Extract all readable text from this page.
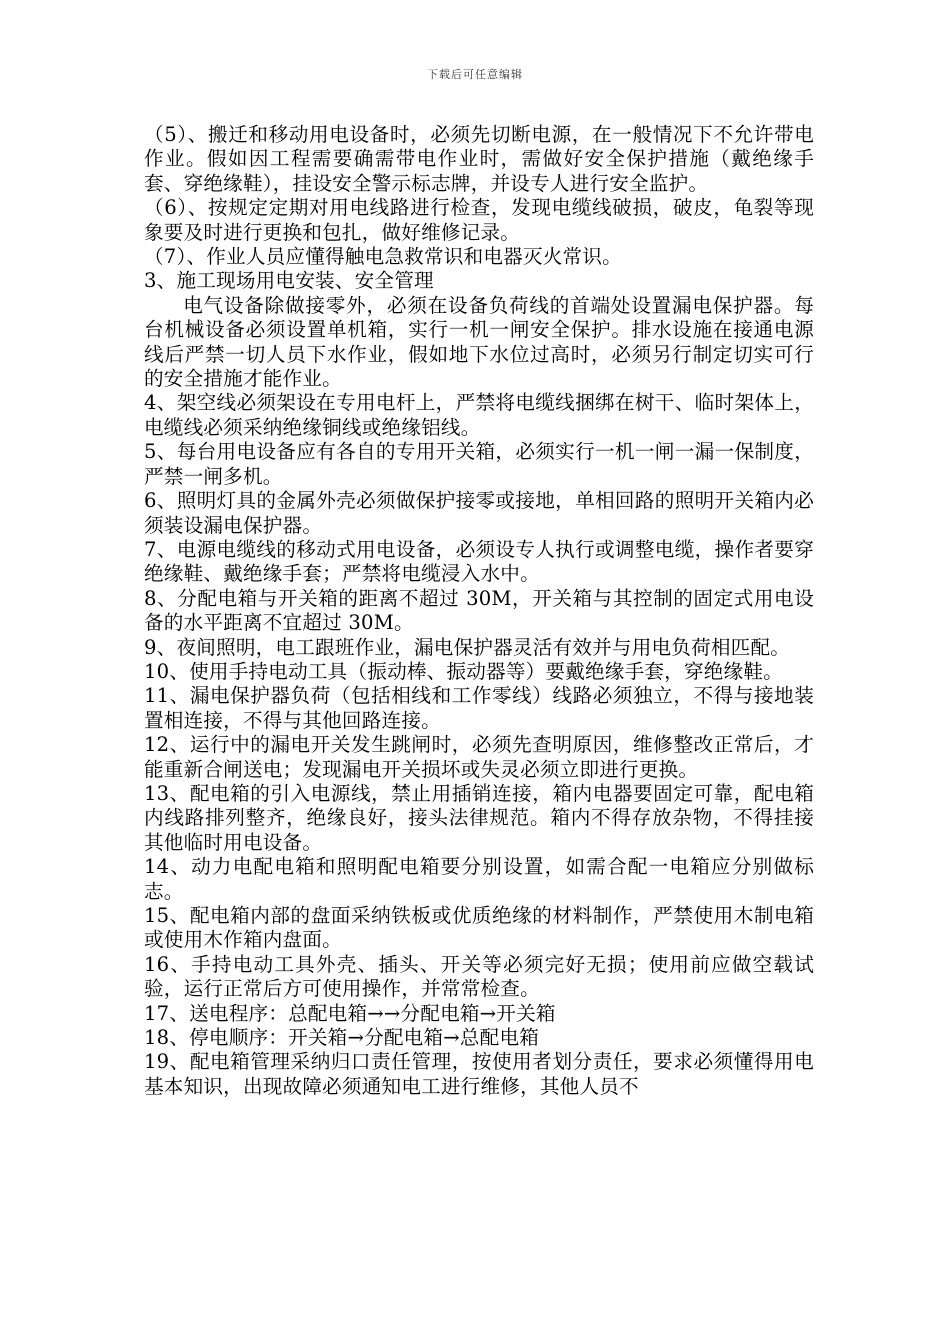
下载后可任意编辑

（5）、搬迁和移动用电设备时，必须先切断电源，在一般情况下不允许带电作业。假如因工程需要确需带电作业时，需做好安全保护措施（戴绝缘手套、穿绝缘鞋），挂设安全警示标志牌，并设专人进行安全监护。

（6）、按规定定期对用电线路进行检查，发现电缆线破损，破皮，龟裂等现象要及时进行更换和包扎，做好维修记录。

（7）、作业人员应懂得触电急救常识和电器灭火常识。

3、施工现场用电安装、安全管理

电气设备除做接零外，必须在设备负荷线的首端处设置漏电保护器。每台机械设备必须设置单机箱，实行一机一闸安全保护。排水设施在接通电源线后严禁一切人员下水作业，假如地下水位过高时，必须另行制定切实可行的安全措施才能作业。

4、架空线必须架设在专用电杆上，严禁将电缆线捆绑在树干、临时架体上，电缆线必须采纳绝缘铜线或绝缘铝线。

5、每台用电设备应有各自的专用开关箱，必须实行一机一闸一漏一保制度，严禁一闸多机。

6、照明灯具的金属外壳必须做保护接零或接地，单相回路的照明开关箱内必须装设漏电保护器。

7、电源电缆线的移动式用电设备，必须设专人执行或调整电缆，操作者要穿绝缘鞋、戴绝缘手套；严禁将电缆浸入水中。

8、分配电箱与开关箱的距离不超过 30M，开关箱与其控制的固定式用电设备的水平距离不宜超过 30M。

9、夜间照明，电工跟班作业，漏电保护器灵活有效并与用电负荷相匹配。

10、使用手持电动工具（振动棒、振动器等）要戴绝缘手套，穿绝缘鞋。

11、漏电保护器负荷（包括相线和工作零线）线路必须独立，不得与接地装置相连接，不得与其他回路连接。

12、运行中的漏电开关发生跳闸时，必须先查明原因，维修整改正常后，才能重新合闸送电；发现漏电开关损坏或失灵必须立即进行更换。

13、配电箱的引入电源线，禁止用插销连接，箱内电器要固定可靠，配电箱内线路排列整齐，绝缘良好，接头法律规范。箱内不得存放杂物，不得挂接其他临时用电设备。

14、动力电配电箱和照明配电箱要分别设置，如需合配一电箱应分别做标志。

15、配电箱内部的盘面采纳铁板或优质绝缘的材料制作，严禁使用木制电箱或使用木作箱内盘面。

16、手持电动工具外壳、插头、开关等必须完好无损；使用前应做空载试验，运行正常后方可使用操作，并常常检查。

17、送电程序：总配电箱→→分配电箱→开关箱

18、停电顺序：开关箱→分配电箱→总配电箱

19、配电箱管理采纳归口责任管理，按使用者划分责任，要求必须懂得用电基本知识，出现故障必须通知电工进行维修，其他人员不
